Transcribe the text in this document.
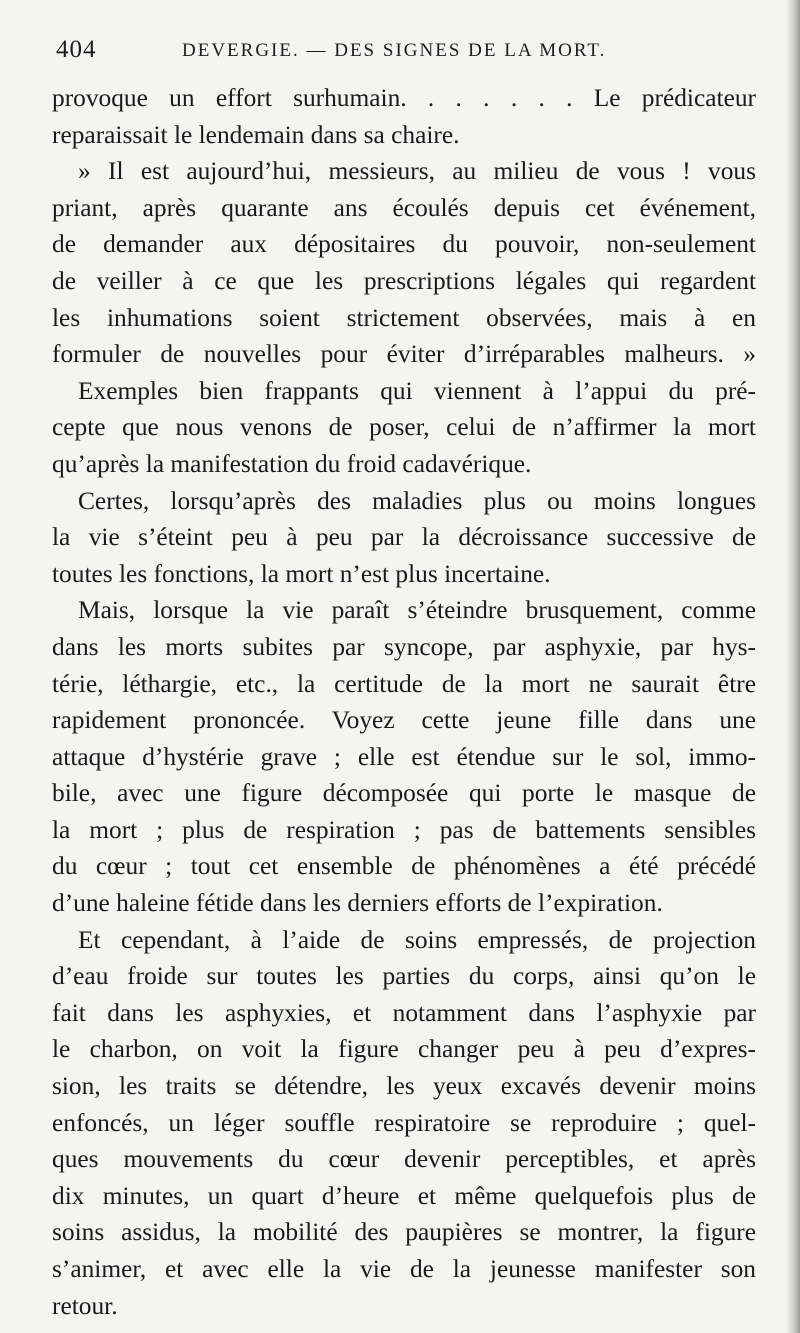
404	DEVERGIE. — DES SIGNES DE LA MORT.
provoque un effort surhumain. . . . . . . Le prédicateur
reparaissait le lendemain dans sa chaire.
» Il est aujourd’hui, messieurs, au milieu de vous ! vous
priant, après quarante ans écoulés depuis cet événement,
de demander aux dépositaires du pouvoir, non-seulement
de veiller à ce que les prescriptions légales qui regardent
les inhumations soient strictement observées, mais à en
formuler de nouvelles pour éviter d’irréparables malheurs. »
Exemples bien frappants qui viennent à l’appui du pré-
cepte que nous venons de poser, celui de n’affirmer la mort
qu’après la manifestation du froid cadavérique.
Certes, lorsqu’après des maladies plus ou moins longues
la vie s’éteint peu à peu par la décroissance successive de
toutes les fonctions, la mort n’est plus incertaine.
Mais, lorsque la vie paraît s’éteindre brusquement, comme
dans les morts subites par syncope, par asphyxie, par hys-
térie, léthargie, etc., la certitude de la mort ne saurait être
rapidement prononcée. Voyez cette jeune fille dans une
attaque d’hystérie grave ; elle est étendue sur le sol, immo-
bile, avec une figure décomposée qui porte le masque de
la mort ; plus de respiration ; pas de battements sensibles
du cœur ; tout cet ensemble de phénomènes a été précédé
d’une haleine fétide dans les derniers efforts de l’expiration.
Et cependant, à l’aide de soins empressés, de projection
d’eau froide sur toutes les parties du corps, ainsi qu’on le
fait dans les asphyxies, et notamment dans l’asphyxie par
le charbon, on voit la figure changer peu à peu d’expres-
sion, les traits se détendre, les yeux excavés devenir moins
enfoncés, un léger souffle respiratoire se reproduire ; quel-
ques mouvements du cœur devenir perceptibles, et après
dix minutes, un quart d’heure et même quelquefois plus de
soins assidus, la mobilité des paupières se montrer, la figure
s’animer, et avec elle la vie de la jeunesse manifester son
retour.
